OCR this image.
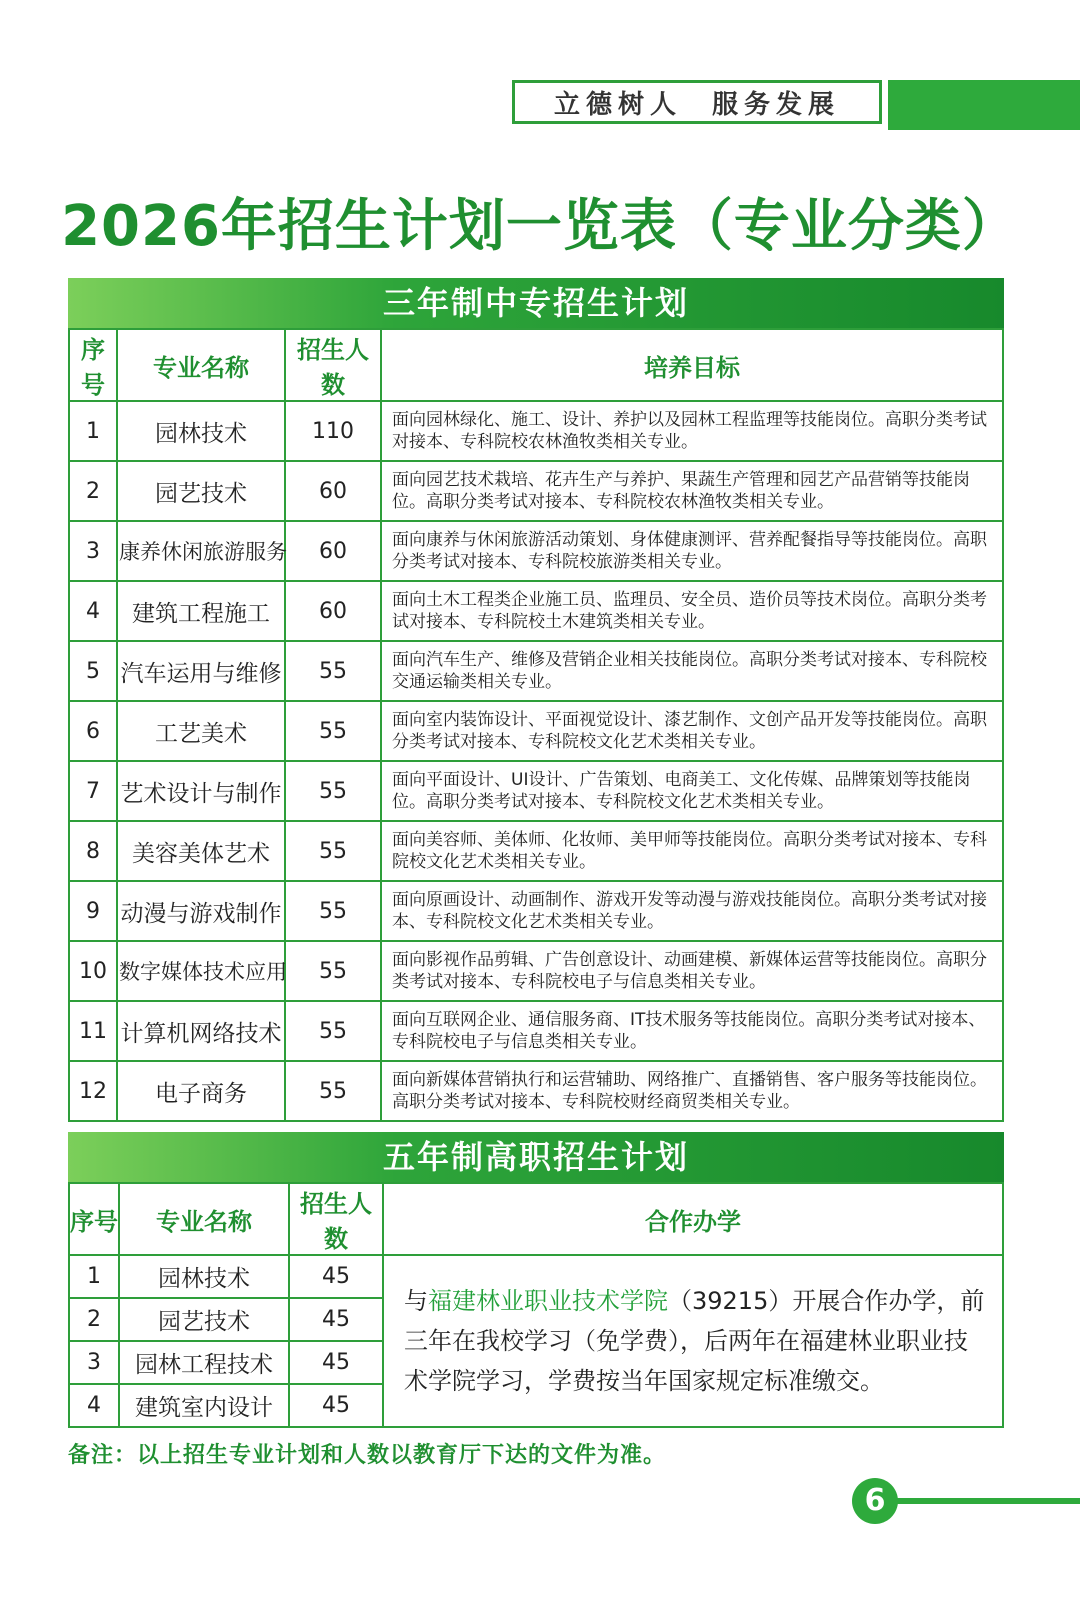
立德树人 服务发展
2026年招生计划一览表（专业分类）
三年制中专招生计划
序号	专业名称	招生人数	培养目标
1	园林技术	110	面向园林绿化、施工、设计、养护以及园林工程监理等技能岗位。高职分类考试对接本、专科院校农林渔牧类相关专业。
2	园艺技术	60	面向园艺技术栽培、花卉生产与养护、果蔬生产管理和园艺产品营销等技能岗位。高职分类考试对接本、专科院校农林渔牧类相关专业。
3	康养休闲旅游服务	60	面向康养与休闲旅游活动策划、身体健康测评、营养配餐指导等技能岗位。高职分类考试对接本、专科院校旅游类相关专业。
4	建筑工程施工	60	面向土木工程类企业施工员、监理员、安全员、造价员等技术岗位。高职分类考试对接本、专科院校土木建筑类相关专业。
5	汽车运用与维修	55	面向汽车生产、维修及营销企业相关技能岗位。高职分类考试对接本、专科院校交通运输类相关专业。
6	工艺美术	55	面向室内装饰设计、平面视觉设计、漆艺制作、文创产品开发等技能岗位。高职分类考试对接本、专科院校文化艺术类相关专业。
7	艺术设计与制作	55	面向平面设计、UI设计、广告策划、电商美工、文化传媒、品牌策划等技能岗位。高职分类考试对接本、专科院校文化艺术类相关专业。
8	美容美体艺术	55	面向美容师、美体师、化妆师、美甲师等技能岗位。高职分类考试对接本、专科院校文化艺术类相关专业。
9	动漫与游戏制作	55	面向原画设计、动画制作、游戏开发等动漫与游戏技能岗位。高职分类考试对接本、专科院校文化艺术类相关专业。
10	数字媒体技术应用	55	面向影视作品剪辑、广告创意设计、动画建模、新媒体运营等技能岗位。高职分类考试对接本、专科院校电子与信息类相关专业。
11	计算机网络技术	55	面向互联网企业、通信服务商、IT技术服务等技能岗位。高职分类考试对接本、专科院校电子与信息类相关专业。
12	电子商务	55	面向新媒体营销执行和运营辅助、网络推广、直播销售、客户服务等技能岗位。高职分类考试对接本、专科院校财经商贸类相关专业。
五年制高职招生计划
序号	专业名称	招生人数	合作办学
1	园林技术	45	与福建林业职业技术学院（39215）开展合作办学，前三年在我校学习（免学费），后两年在福建林业职业技术学院学习，学费按当年国家规定标准缴交。
2	园艺技术	45	
3	园林工程技术	45	
4	建筑室内设计	45	
备注：以上招生专业计划和人数以教育厅下达的文件为准。
6
